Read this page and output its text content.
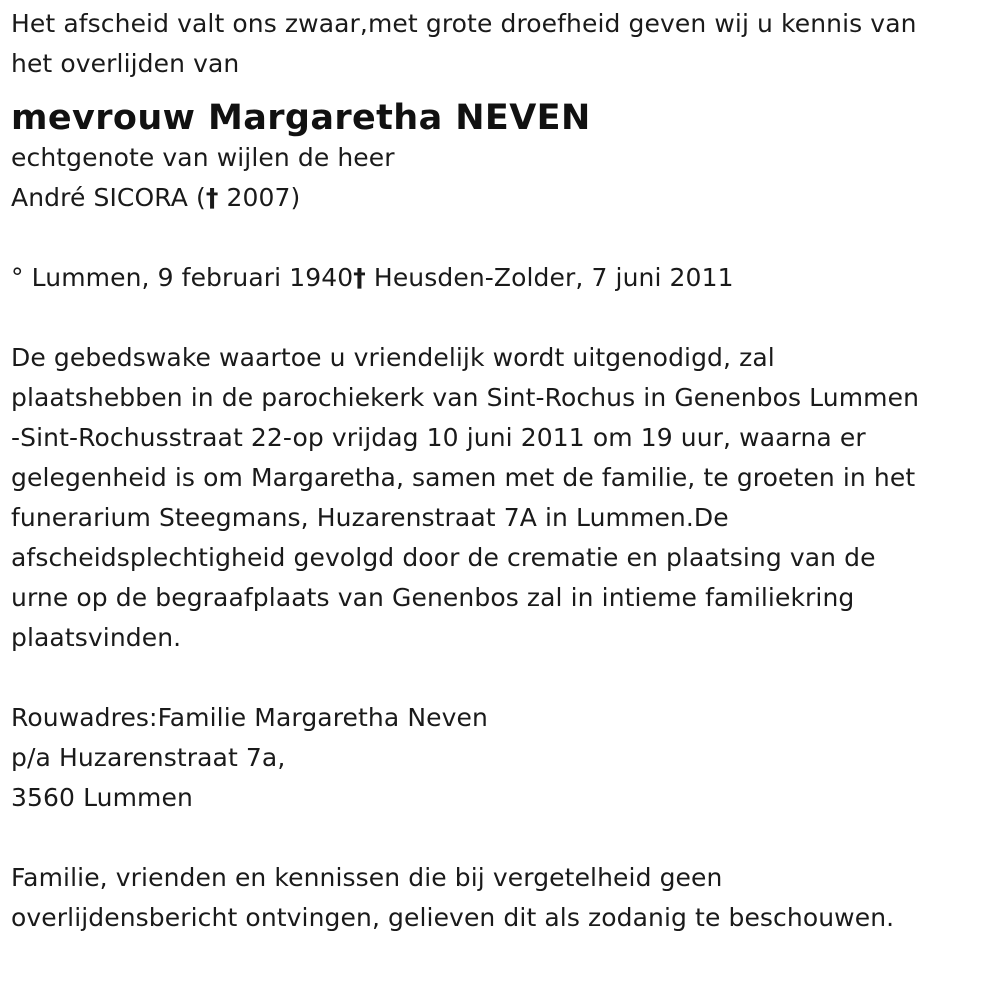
Het afscheid valt ons zwaar,met grote droefheid geven wij u kennis van
het overlijden van
mevrouw Margaretha NEVEN
echtgenote van wijlen de heer
André SICORA († 2007)
° Lummen, 9 februari 1940† Heusden-Zolder, 7 juni 2011
De gebedswake waartoe u vriendelijk wordt uitgenodigd, zal
plaatshebben in de parochiekerk van Sint-Rochus in Genenbos Lummen
-Sint-Rochusstraat 22-op vrijdag 10 juni 2011 om 19 uur, waarna er
gelegenheid is om Margaretha, samen met de familie, te groeten in het
funerarium Steegmans, Huzarenstraat 7A in Lummen.De
afscheidsplechtigheid gevolgd door de crematie en plaatsing van de
urne op de begraafplaats van Genenbos zal in intieme familiekring
plaatsvinden.
Rouwadres:Familie Margaretha Neven
p/a Huzarenstraat 7a,
3560 Lummen
Familie, vrienden en kennissen die bij vergetelheid geen
overlijdensbericht ontvingen, gelieven dit als zodanig te beschouwen.
